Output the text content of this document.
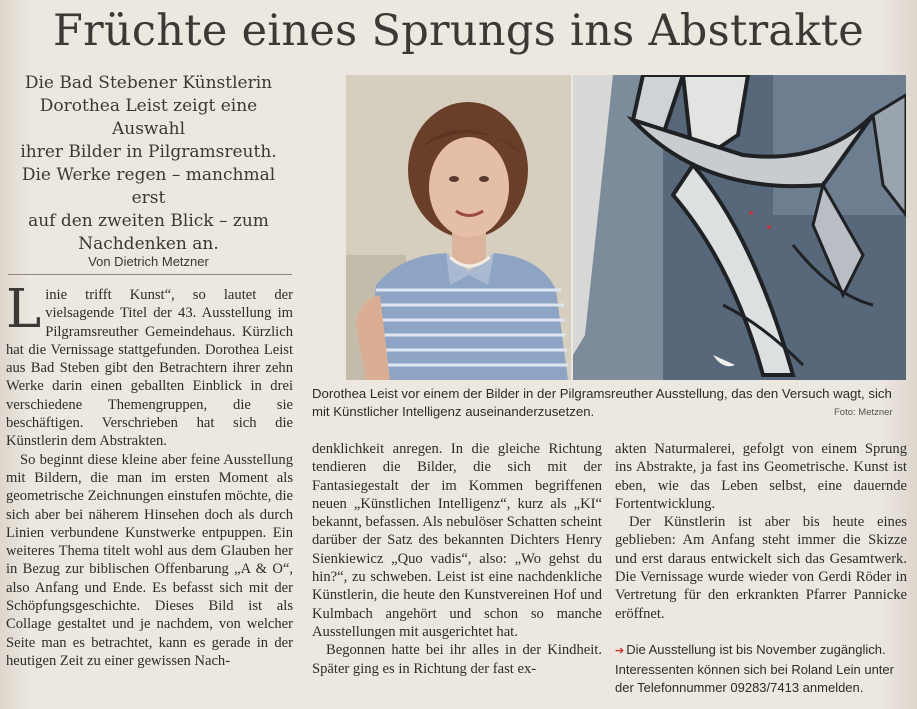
Früchte eines Sprungs ins Abstrakte
Die Bad Stebener Künstlerin
Dorothea Leist zeigt eine Auswahl
ihrer Bilder in Pilgramsreuth.
Die Werke regen – manchmal erst
auf den zweiten Blick – zum
Nachdenken an.
Von Dietrich Metzner

Linie trifft Kunst“, so lautet der vielsagende Titel der 43. Ausstellung im Pilgramsreuther Gemeindehaus. Kürzlich hat die Vernissage stattgefunden. Dorothea Leist aus Bad Steben gibt den Betrachtern ihrer zehn Werke darin einen geballten Einblick in drei verschiedene Themengruppen, die sie beschäftigen. Verschrieben hat sich die Künstlerin dem Abstrakten.

So beginnt diese kleine aber feine Ausstellung mit Bildern, die man im ersten Moment als geometrische Zeichnungen einstufen möchte, die sich aber bei näherem Hinsehen doch als durch Linien verbundene Kunstwerke entpuppen. Ein weiteres Thema titelt wohl aus dem Glauben her in Bezug zur biblischen Offenbarung „A & O“, also Anfang und Ende. Es befasst sich mit der Schöpfungsgeschichte. Dieses Bild ist als Collage gestaltet und je nachdem, von welcher Seite man es betrachtet, kann es gerade in der heutigen Zeit zu einer gewissen Nach-

Dorothea Leist vor einem der Bilder in der Pilgramsreuther Ausstellung, das den Versuch wagt, sich mit Künstlicher Intelligenz auseinanderzusetzen.	Foto: Metzner

denklichkeit anregen. In die gleiche Richtung tendieren die Bilder, die sich mit der Fantasiegestalt der im Kommen begriffenen neuen „Künstlichen Intelligenz“, kurz als „KI“ bekannt, befassen. Als nebulöser Schatten scheint darüber der Satz des bekannten Dichters Henry Sienkiewicz „Quo vadis“, also: „Wo gehst du hin?“, zu schweben. Leist ist eine nachdenkliche Künstlerin, die heute den Kunstvereinen Hof und Kulmbach angehört und schon so manche Ausstellungen mit ausgerichtet hat.

Begonnen hatte bei ihr alles in der Kindheit. Später ging es in Richtung der fast ex-

akten Naturmalerei, gefolgt von einem Sprung ins Abstrakte, ja fast ins Geometrische. Kunst ist eben, wie das Leben selbst, eine dauernde Fortentwicklung.

Der Künstlerin ist aber bis heute eines geblieben: Am Anfang steht immer die Skizze und erst daraus entwickelt sich das Gesamtwerk. Die Vernissage wurde wieder von Gerdi Röder in Vertretung für den erkrankten Pfarrer Pannicke eröffnet.

➔ Die Ausstellung ist bis November zugänglich.
Interessenten können sich bei Roland Lein unter
der Telefonnummer 09283/7413 anmelden.
